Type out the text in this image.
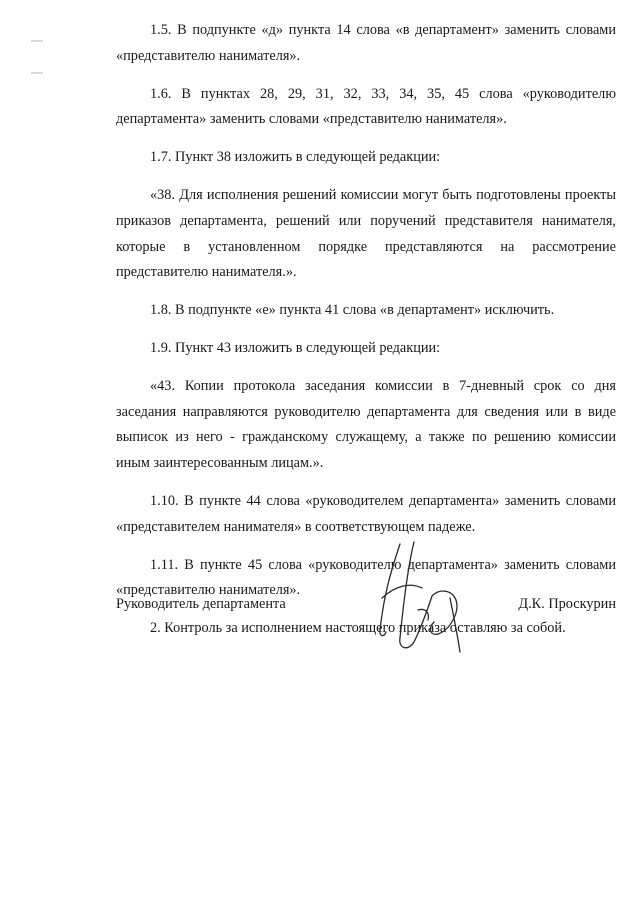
1.5. В подпункте «д» пункта 14 слова «в департамент» заменить словами «представителю нанимателя».

1.6. В пунктах 28, 29, 31, 32, 33, 34, 35, 45 слова «руководителю департамента» заменить словами «представителю нанимателя».

1.7. Пункт 38 изложить в следующей редакции:

«38. Для исполнения решений комиссии могут быть подготовлены проекты приказов департамента, решений или поручений представителя нанимателя, которые в установленном порядке представляются на рассмотрение представителю нанимателя.».

1.8. В подпункте «е» пункта 41 слова «в департамент» исключить.

1.9. Пункт 43 изложить в следующей редакции:

«43. Копии протокола заседания комиссии в 7-дневный срок со дня заседания направляются руководителю департамента для сведения или в виде выписок из него - гражданскому служащему, а также по решению комиссии иным заинтересованным лицам.».

1.10. В пункте 44 слова «руководителем департамента» заменить словами «представителем нанимателя» в соответствующем падеже.

1.11. В пункте 45 слова «руководителю департамента» заменить словами «представителю нанимателя».

2. Контроль за исполнением настоящего приказа оставляю за собой.

Руководитель департамента	Д.К. Проскурин
